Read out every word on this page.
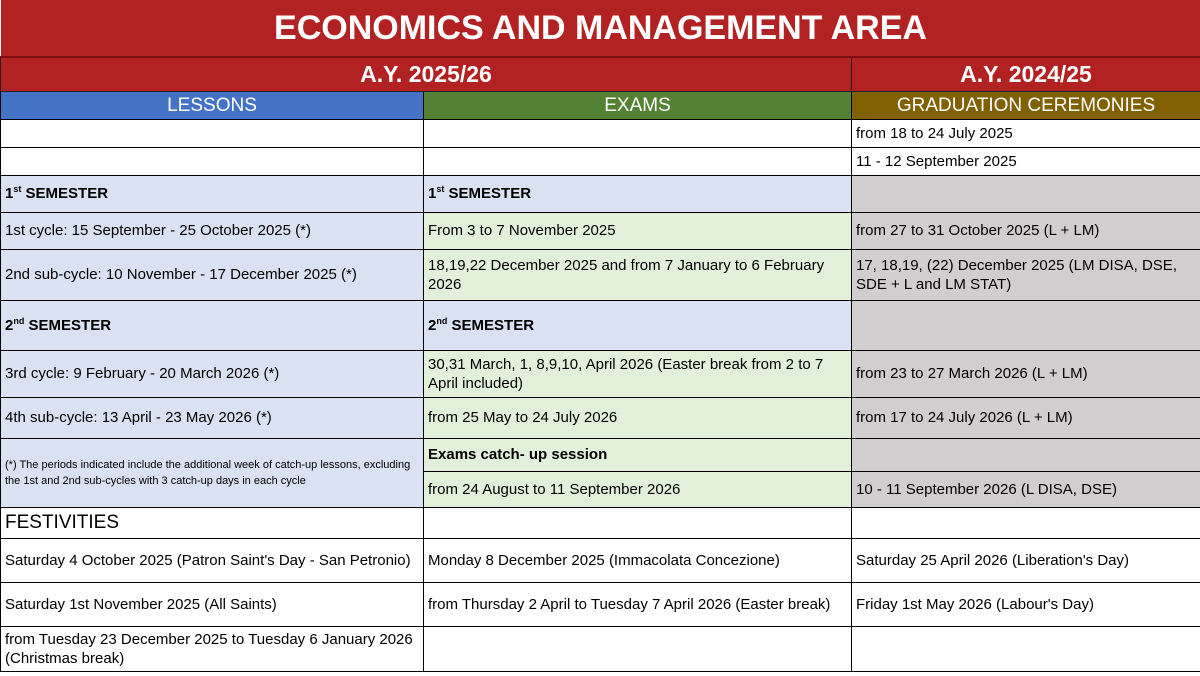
ECONOMICS AND MANAGEMENT AREA		
A.Y. 2025/26		A.Y. 2024/25
LESSONS	EXAMS	GRADUATION CEREMONIES
		from 18 to 24 July 2025
		11 - 12 September 2025
1st SEMESTER	1st SEMESTER	
1st cycle: 15 September - 25 October 2025 (*)	From 3 to 7 November 2025	from 27 to 31 October 2025 (L + LM)
2nd sub-cycle: 10 November - 17 December 2025 (*)	18,19,22 December 2025 and from 7 January to 6 February 2026	17, 18,19, (22) December 2025 (LM DISA, DSE, SDE + L and LM STAT)
2nd SEMESTER	2nd SEMESTER	
3rd cycle: 9 February - 20 March 2026 (*)	30,31 March, 1, 8,9,10, April 2026 (Easter break from 2 to 7 April included)	from 23 to 27 March 2026 (L + LM)
4th sub-cycle: 13 April - 23 May 2026 (*)	from 25 May to 24 July 2026	from 17 to 24 July 2026 (L + LM)
(*) The periods indicated include the additional week of catch-up lessons, excluding the 1st and 2nd sub-cycles with 3 catch-up days in each cycle	Exams catch- up session	
	from 24 August to 11 September 2026	10 - 11 September 2026 (L DISA, DSE)
FESTIVITIES		
Saturday 4 October 2025 (Patron Saint's Day - San Petronio)	Monday 8 December 2025 (Immacolata Concezione)	Saturday 25 April 2026 (Liberation's Day)
Saturday 1st November 2025 (All Saints)	from Thursday 2 April to Tuesday 7 April 2026 (Easter break)	Friday 1st May 2026 (Labour's Day)
from Tuesday 23 December 2025 to Tuesday 6 January 2026 (Christmas break)		
